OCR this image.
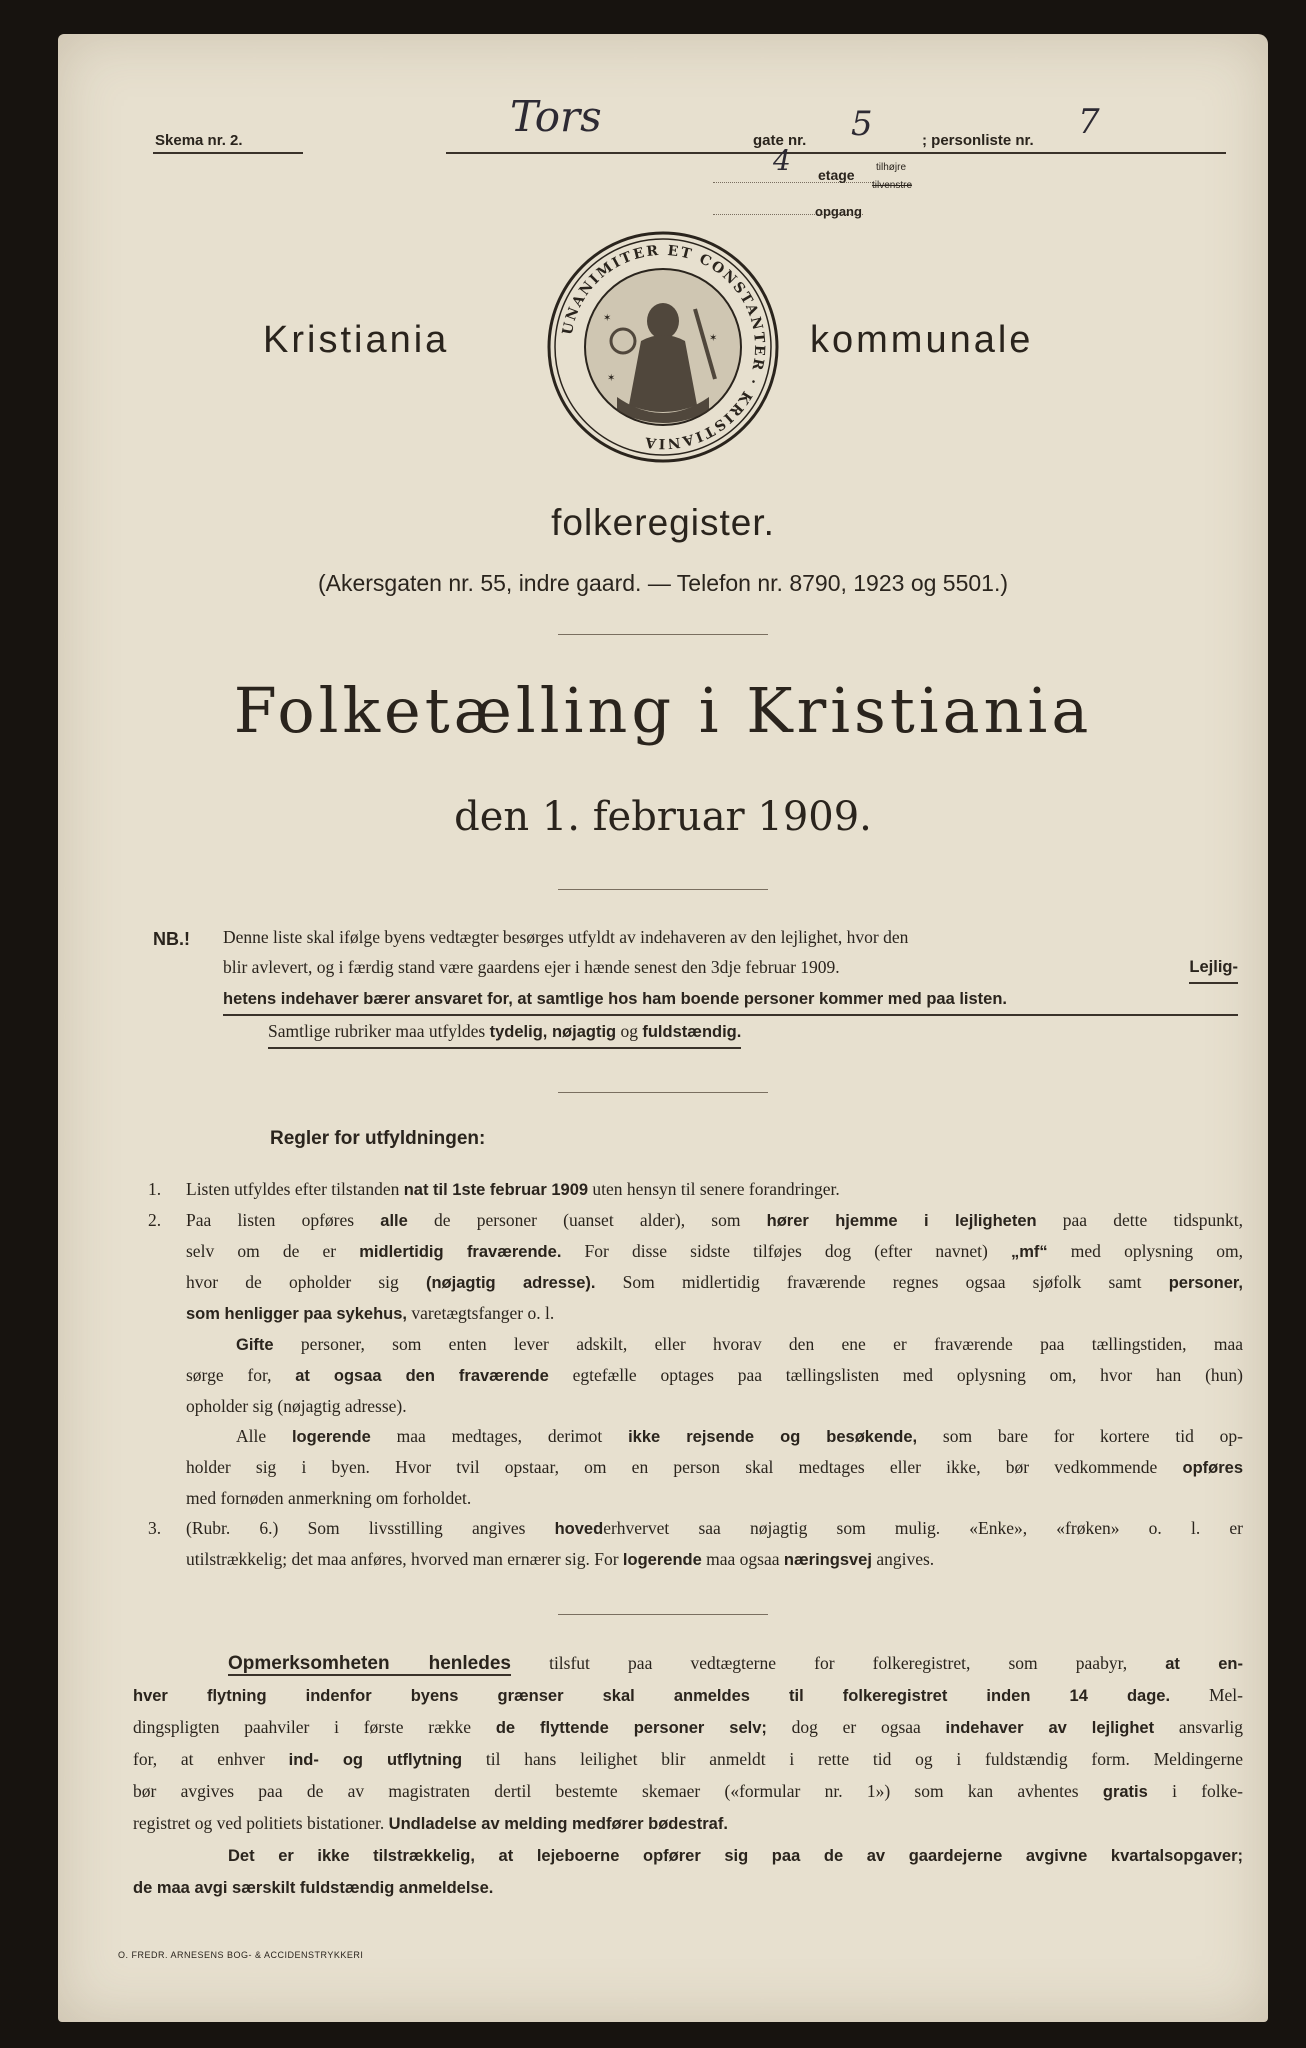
Skema nr. 2.	Tors	gate nr. 5	; personliste nr. 7
4 etage tilhøjre
tilvenstre
opgang
Kristiania	kommunale
UNANIMITER ET CONSTANTER · KRISTIANIA
✶
✶
✶
folkeregister.
(Akersgaten nr. 55, indre gaard. — Telefon nr. 8790, 1923 og 5501.)
Folketælling i Kristiania
den 1. februar 1909.
NB.! Denne liste skal ifølge byens vedtægter besørges utfyldt av indehaveren av den lejlighet, hvor den
blir avlevert, og i færdig stand være gaardens ejer i hænde senest den 3dje februar 1909.	Lejlig-
hetens indehaver bærer ansvaret for, at samtlige hos ham boende personer kommer med paa listen.
Samtlige rubriker maa utfyldes tydelig, nøjagtig og fuldstændig.
Regler for utfyldningen:
1. Listen utfyldes efter tilstanden nat til 1ste februar 1909 uten hensyn til senere forandringer.
2. Paa listen opføres alle de personer (uanset alder), som hører hjemme i lejligheten paa dette tidspunkt,
selv om de er midlertidig fraværende. For disse sidste tilføjes dog (efter navnet) „mf“ med oplysning om,
hvor de opholder sig (nøjagtig adresse). Som midlertidig fraværende regnes ogsaa sjøfolk samt personer,
som henligger paa sykehus, varetægtsfanger o. l.
Gifte personer, som enten lever adskilt, eller hvorav den ene er fraværende paa tællingstiden, maa
sørge for, at ogsaa den fraværende egtefælle optages paa tællingslisten med oplysning om, hvor han (hun)
opholder sig (nøjagtig adresse).
Alle logerende maa medtages, derimot ikke rejsende og besøkende, som bare for kortere tid op-
holder sig i byen. Hvor tvil opstaar, om en person skal medtages eller ikke, bør vedkommende opføres
med fornøden anmerkning om forholdet.
3. (Rubr. 6.) Som livsstilling angives hovederhvervet saa nøjagtig som mulig. «Enke», «frøken» o. l. er
utilstrækkelig; det maa anføres, hvorved man ernærer sig. For logerende maa ogsaa næringsvej angives.
Opmerksomheten henledes tilsfut paa vedtægterne for folkeregistret, som paabyr, at en-
hver flytning indenfor byens grænser skal anmeldes til folkeregistret inden 14 dage. Mel-
dingspligten paahviler i første række de flyttende personer selv; dog er ogsaa indehaver av lejlighet ansvarlig
for, at enhver ind- og utflytning til hans leilighet blir anmeldt i rette tid og i fuldstændig form. Meldingerne
bør avgives paa de av magistraten dertil bestemte skemaer («formular nr. 1») som kan avhentes gratis i folke-
registret og ved politiets bistationer. Undladelse av melding medfører bødestraf.
Det er ikke tilstrækkelig, at lejeboerne opfører sig paa de av gaardejerne avgivne kvartalsopgaver;
de maa avgi særskilt fuldstændig anmeldelse.
O. FREDR. ARNESENS BOG- & ACCIDENSTRYKKERI
